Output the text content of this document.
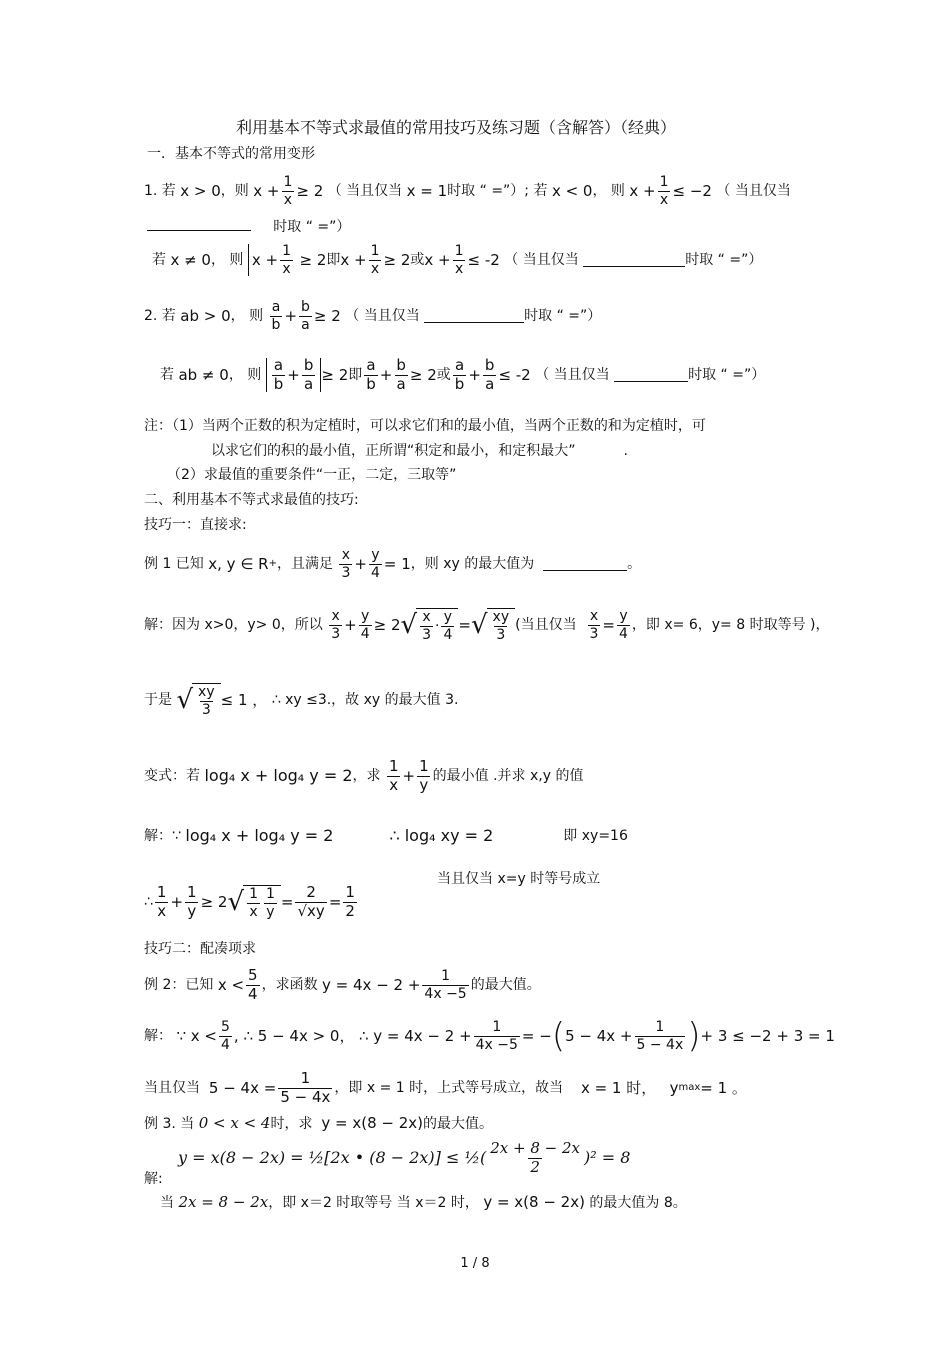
利用基本不等式求最值的常用技巧及练习题（含解答）（经典）
一．基本不等式的常用变形
1. 若
x > 0 ，则
$x + \frac{1}{x} \ge 2$
（ 当且仅当
x = 1 时取 “ =”）; 若
x < 0 ， 则
$x + \frac{1}{x} \le -2$
（ 当且仅当
时取 “ =”）
若
x ≠ 0 ， 则
$x + \frac{1}{x}$
≥ 2 即 $x + \frac{1}{x} \ge 2$ 或 $x + \frac{1}{x} \le -2$
（ 当且仅当
	时取 “ =”）
2. 若
ab > 0 ， 则
$\frac{a}{b} + \frac{b}{a} \ge 2$
（ 当且仅当
	时取 “ =”）
若
ab ≠ 0 ， 则
$\frac{a}{b} + \frac{b}{a} \ge 2$ 即 $\frac{a}{b} + \frac{b}{a} \ge 2$ 或 $\frac{a}{b} + \frac{b}{a} \le -2$
（ 当且仅当
	时取 “ =”）
注：（1）当两个正数的积为定植时，可以求它们和的最小值，当两个正数的和为定植时，可
以求它们的积的最小值，正所谓“积定和最小，和定积最大”	.
（2）求最值的重要条件“一正，二定，三取等”
二、利用基本不等式求最值的技巧:
技巧一：直接求:
例 1 已知
x, y ∈ R + ，且满足
$\frac{x}{3} + \frac{y}{4} = 1$ ，则 xy 的最大值为
	。
解：因为 x>0，y> 0，所以
$\frac{x}{3} + \frac{y}{4} \ge 2$ √ $\frac{x}{3} \cdot \frac{y}{4}$ = √ $\frac{xy}{3}$ (当且仅当
$\frac{x}{3} = \frac{y}{4}$ ，即 x= 6，y= 8 时取等号 )，
于是
√ $\frac{xy}{3} \le 1$ ，
∴ xy ≤3.，故 xy 的最大值 3.
变式：若
log₄ x + log₄ y = 2 ，求
$\frac{1}{x} + \frac{1}{y}$ 的最小值 .并求 x,y 的值
解：∵
log₄ x + log₄ y = 2	∴ log₄ xy = 2	即 xy=16
当且仅当 x=y 时等号成立
∴ $\frac{1}{x} + \frac{1}{y} \ge 2$ √ $\frac{1}{x} \frac{1}{y} = \frac{2}{√xy} = \frac{1}{2}$
技巧二：配凑项求
例 2：已知
$x < \frac{5}{4}$ ，求函数
$y = 4x - 2 + \frac{1}{4x -5}$ 的最大值。
解：
∵ $x < \frac{5}{4}$ , ∴ 5 − 4x > 0，
∴ $y = 4x - 2 + \frac{1}{4x -5}$ = − ( $5 - 4x + \frac{1}{5 - 4x}$ ) + 3 ≤ −2 + 3 = 1
当且仅当
$5 - 4x = \frac{1}{5 - 4x}$ ，即 x = 1 时，上式等号成立，故当
x = 1 时，
y max = 1 。
例 3. 当
0 < x < 4 时，求
y = x(8 − 2x) 的最大值。
y = x(8 − 2x) = ½[2x • (8 − 2x)] ≤ ½( $\frac{2x + 8 - 2x}{2} )^2 = 8$
解:
当
2x = 8 − 2x ，即 x＝2 时取等号 当 x＝2 时，
y = x(8 − 2x)
的最大值为 8。
1 / 8
